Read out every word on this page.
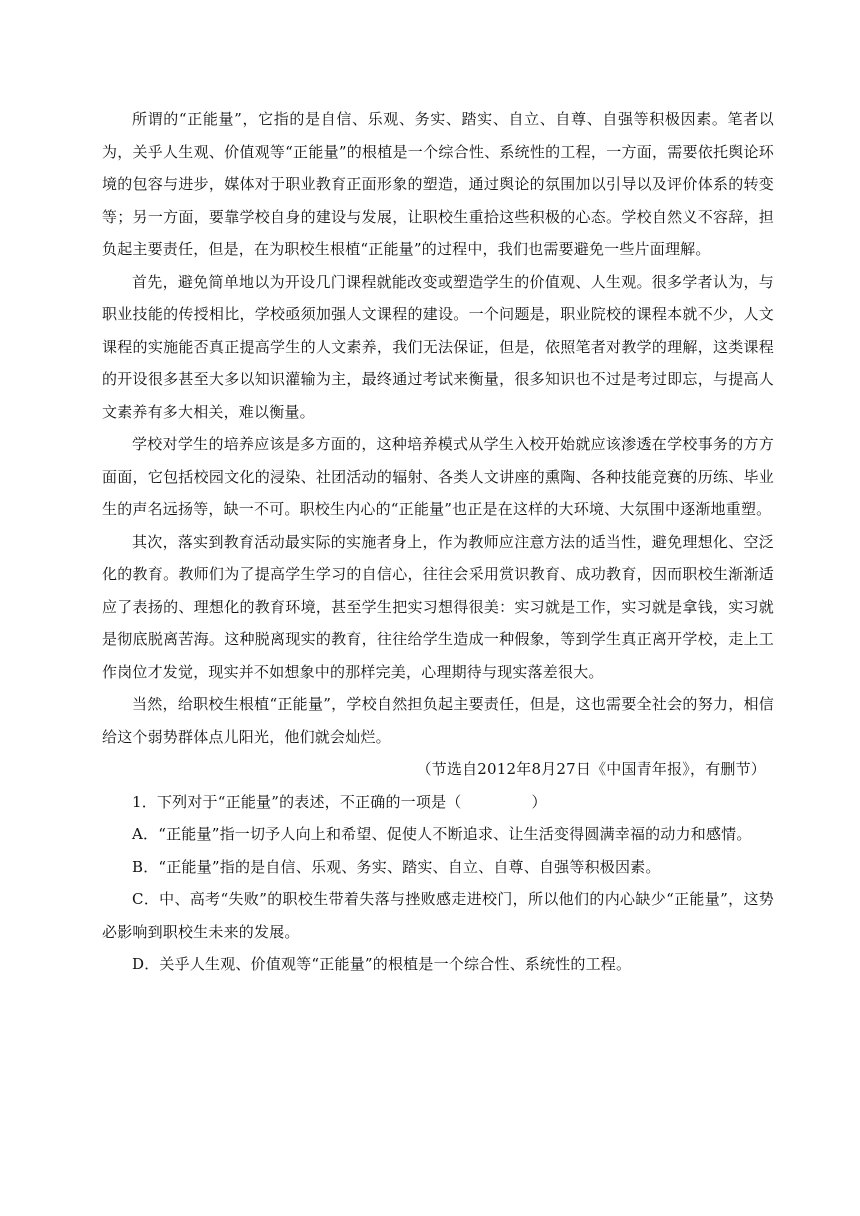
所谓的“正能量”，它指的是自信、乐观、务实、踏实、自立、自尊、自强等积极因素。笔者以为，关乎人生观、价值观等“正能量”的根植是一个综合性、系统性的工程，一方面，需要依托舆论环境的包容与进步，媒体对于职业教育正面形象的塑造，通过舆论的氛围加以引导以及评价体系的转变等；另一方面，要靠学校自身的建设与发展，让职校生重拾这些积极的心态。学校自然义不容辞，担负起主要责任，但是，在为职校生根植“正能量”的过程中，我们也需要避免一些片面理解。

首先，避免简单地以为开设几门课程就能改变或塑造学生的价值观、人生观。很多学者认为，与职业技能的传授相比，学校亟须加强人文课程的建设。一个问题是，职业院校的课程本就不少，人文课程的实施能否真正提高学生的人文素养，我们无法保证，但是，依照笔者对教学的理解，这类课程的开设很多甚至大多以知识灌输为主，最终通过考试来衡量，很多知识也不过是考过即忘，与提高人文素养有多大相关，难以衡量。

学校对学生的培养应该是多方面的，这种培养模式从学生入校开始就应该渗透在学校事务的方方面面，它包括校园文化的浸染、社团活动的辐射、各类人文讲座的熏陶、各种技能竞赛的历练、毕业生的声名远扬等，缺一不可。职校生内心的“正能量”也正是在这样的大环境、大氛围中逐渐地重塑。

其次，落实到教育活动最实际的实施者身上，作为教师应注意方法的适当性，避免理想化、空泛化的教育。教师们为了提高学生学习的自信心，往往会采用赏识教育、成功教育，因而职校生渐渐适应了表扬的、理想化的教育环境，甚至学生把实习想得很美：实习就是工作，实习就是拿钱，实习就是彻底脱离苦海。这种脱离现实的教育，往往给学生造成一种假象，等到学生真正离开学校，走上工作岗位才发觉，现实并不如想象中的那样完美，心理期待与现实落差很大。

当然，给职校生根植“正能量”，学校自然担负起主要责任，但是，这也需要全社会的努力，相信给这个弱势群体点儿阳光，他们就会灿烂。

（节选自2012年8月27日《中国青年报》，有删节）

1．下列对于“正能量”的表述，不正确的一项是（	）

A．“正能量”指一切予人向上和希望、促使人不断追求、让生活变得圆满幸福的动力和感情。

B．“正能量”指的是自信、乐观、务实、踏实、自立、自尊、自强等积极因素。

C．中、高考“失败”的职校生带着失落与挫败感走进校门，所以他们的内心缺少“正能量”，这势必影响到职校生未来的发展。

D．关乎人生观、价值观等“正能量”的根植是一个综合性、系统性的工程。
